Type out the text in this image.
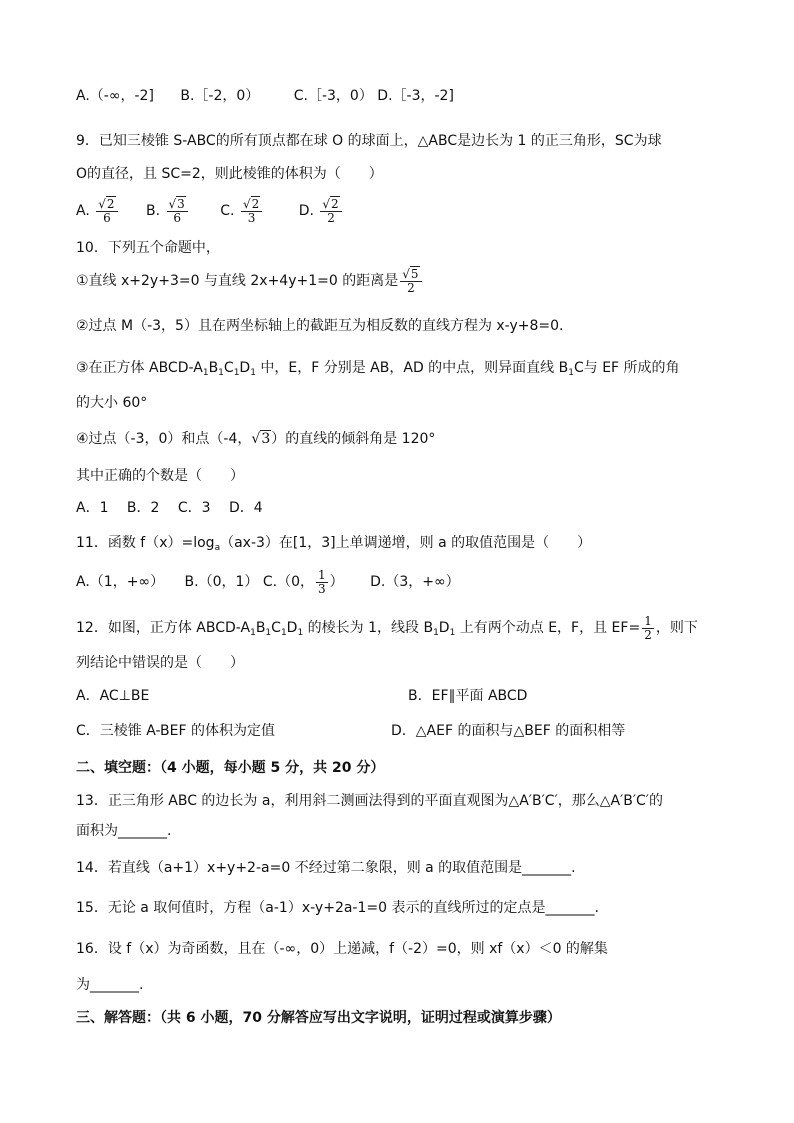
A.（-∞，-2] B.［-2，0） C.［-3，0） D.［-3，-2]
9．已知三棱锥 S-ABC的所有顶点都在球 O 的球面上，△ABC是边长为 1 的正三角形，SC为球
O的直径，且 SC=2，则此棱锥的体积为（　　）
A. $\frac{√2}{6} B$. $\frac{√3}{6} C$. $\frac{√2}{3}$	D. $\frac{√2}{2}$
10．下列五个命题中，
①直线 x+2y+3=0 与直线 2x+4y+1=0 的距离是 $\frac{√5}{2}$
②过点 M（-3，5）且在两坐标轴上的截距互为相反数的直线方程为 x-y+8=0.
③在正方体 ABCD-$A_1B_1C_1D_1$ 中，E，F 分别是 AB，AD 的中点，则异面直线 $B_1C$与 EF 所成的角
的大小 60°
④过点（-3，0）和点（-4，√3）的直线的倾斜角是 120°
其中正确的个数是（　　）
A．1　 B．2　 C．3　 D．4
11．函数 $f(x)=\log_a(ax-3)$在[1，3]上单调递增，则 a 的取值范围是（　　）
A.（1，+∞） B.（0，1） C.（0， $\frac{1}{3}$ ） D.（3，+∞）
12．如图，正方体 ABCD-$A_1B_1C_1D_1$ 的棱长为 1，线段 $B_1D_1$ 上有两个动点 E，F，且 $EF= \frac{1}{2}$ ，则下
列结论中错误的是（　　）
A．AC⊥BE	B．EF∥平面 ABCD
C．三棱锥 A-BEF 的体积为定值	D．△AEF 的面积与△BEF 的面积相等
二、填空题：（4 小题，每小题 5 分，共 20 分）
13．正三角形 ABC 的边长为 a，利用斜二测画法得到的平面直观图为△A′B′C′，那么△A′B′C′的
面积为_______.
14．若直线（a+1）x+y+2-a=0 不经过第二象限，则 a 的取值范围是_______.
15．无论 a 取何值时，方程（a-1）x-y+2a-1=0 表示的直线所过的定点是_______.
16．设 f（x）为奇函数，且在（-∞，0）上递减，f（-2）=0，则 xf（x）＜0 的解集
为_______.
三、解答题：（共 6 小题，70 分解答应写出文字说明，证明过程或演算步骤）
